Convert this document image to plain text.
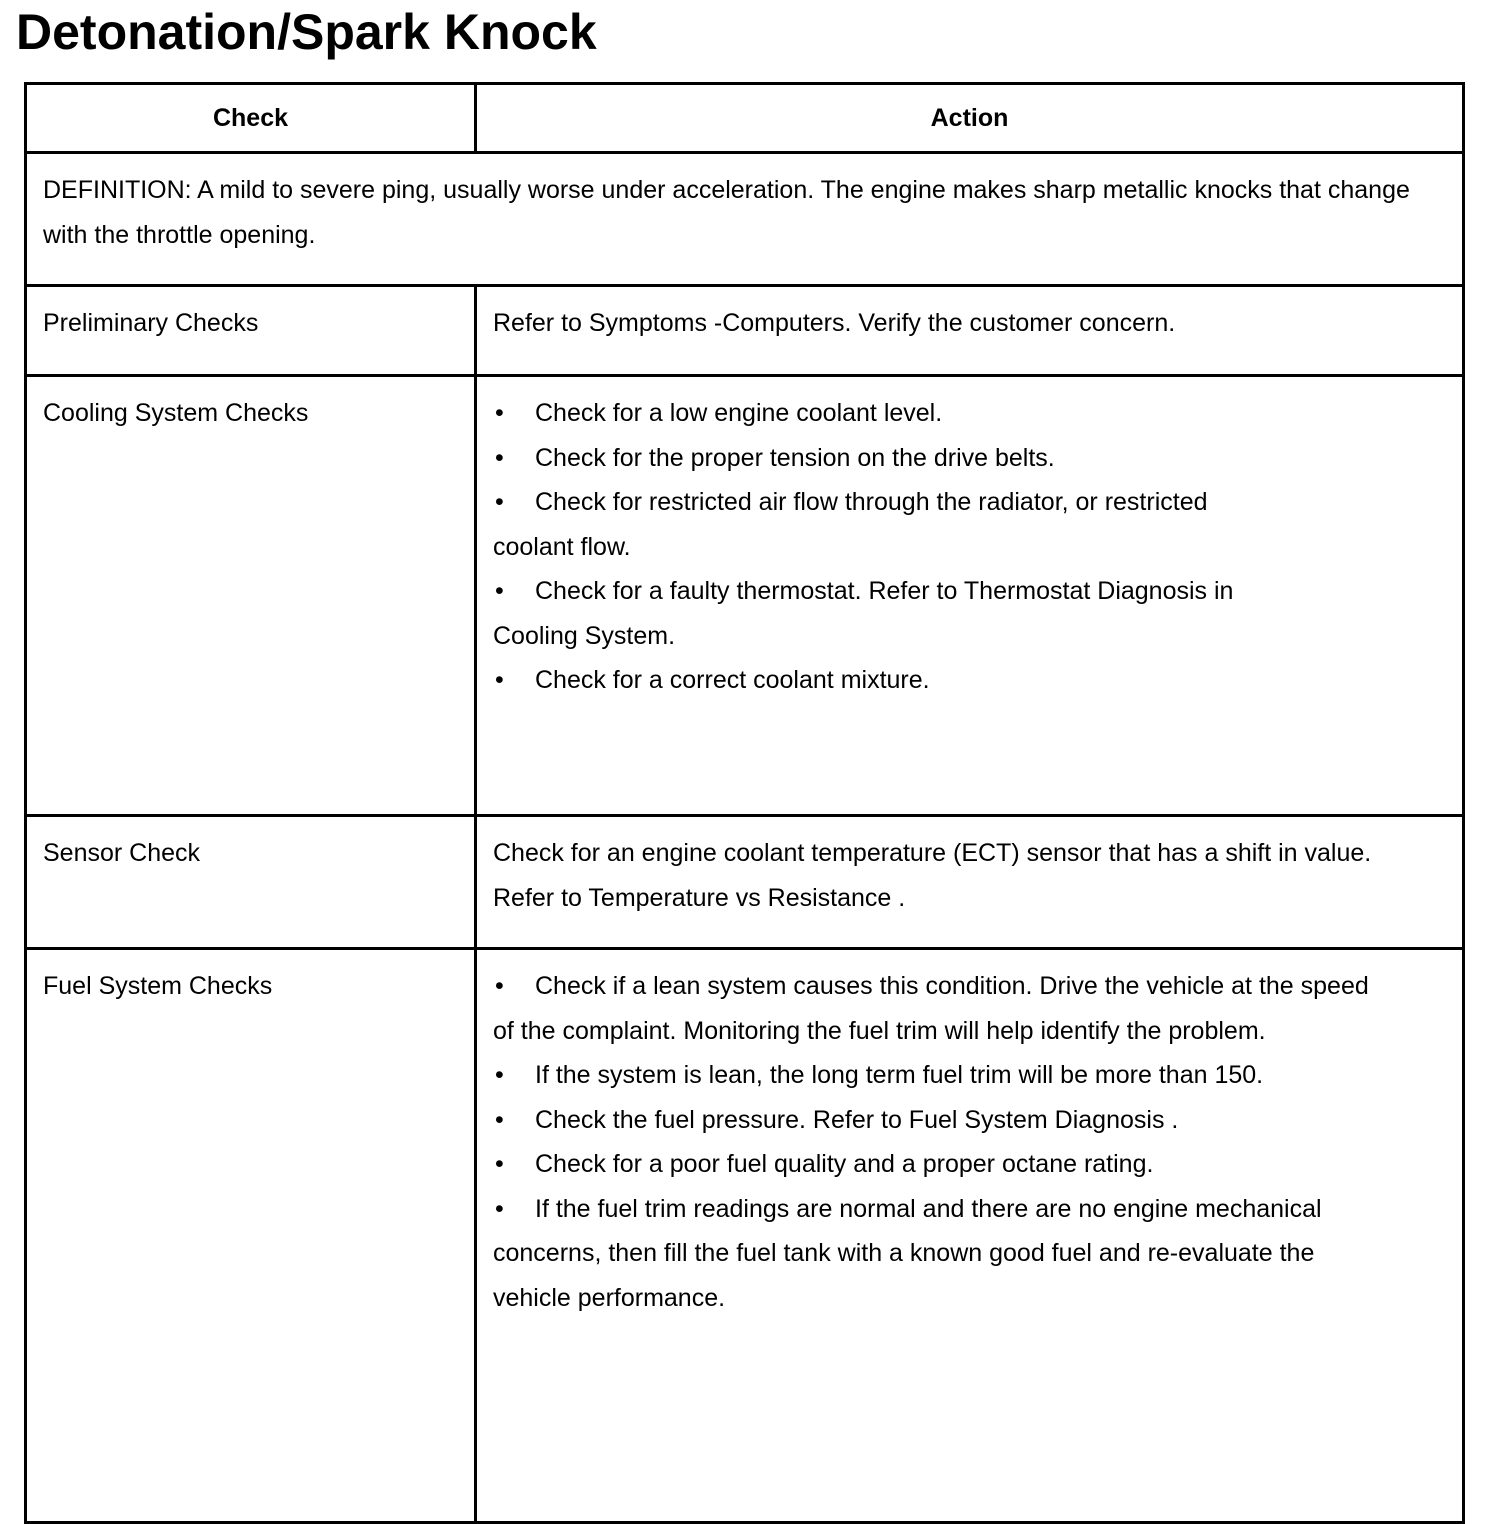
Detonation/Spark Knock
Check	Action
DEFINITION: A mild to severe ping, usually worse under acceleration. The engine makes sharp metallic knocks that change with the throttle opening.	
Preliminary Checks	Refer to Symptoms -Computers. Verify the customer concern.
Cooling System Checks	• Check for a low engine coolant level.
• Check for the proper tension on the drive belts.
• Check for restricted air flow through the radiator, or restricted coolant flow.
• Check for a faulty thermostat. Refer to Thermostat Diagnosis in Cooling System.
• Check for a correct coolant mixture.

Sensor Check	Check for an engine coolant temperature (ECT) sensor that has a shift in value. Refer to Temperature vs Resistance .

Fuel System Checks	• Check if a lean system causes this condition. Drive the vehicle at the speed of the complaint. Monitoring the fuel trim will help identify the problem.
• If the system is lean, the long term fuel trim will be more than 150.
• Check the fuel pressure. Refer to Fuel System Diagnosis .
• Check for a poor fuel quality and a proper octane rating.
• If the fuel trim readings are normal and there are no engine mechanical concerns, then fill the fuel tank with a known good fuel and re-evaluate the vehicle performance.
